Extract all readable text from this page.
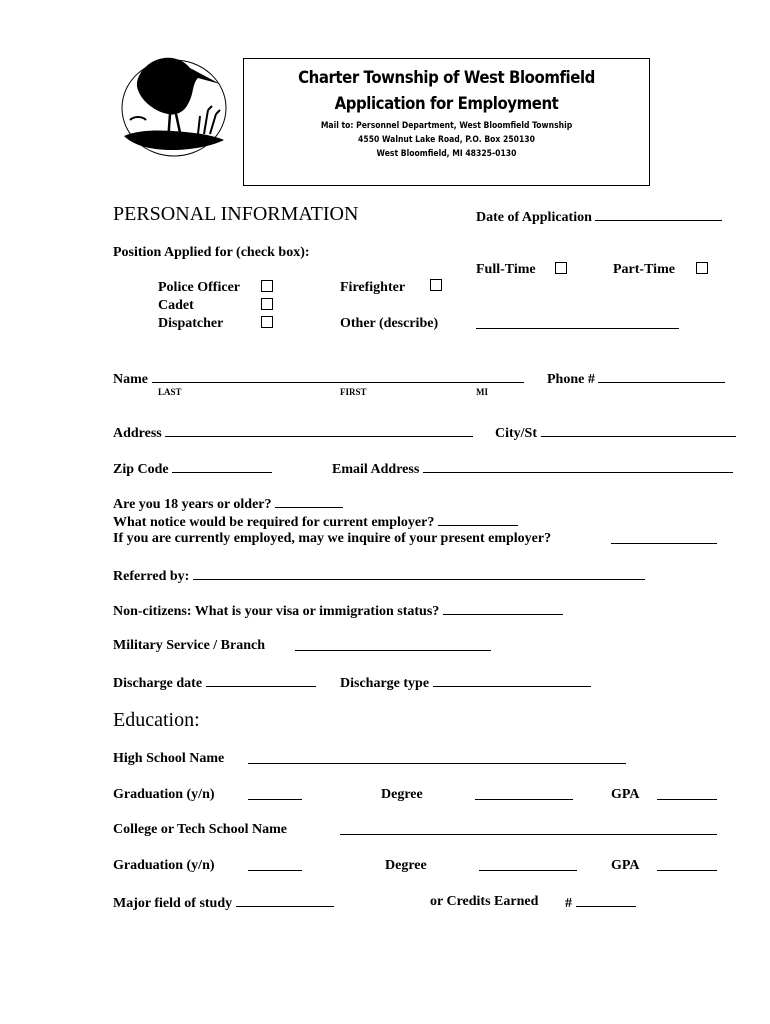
Charter Township of West Bloomfield
Application for Employment
Mail to: Personnel Department, West Bloomfield Township
4550 Walnut Lake Road, P.O. Box 250130
West Bloomfield, MI 48325-0130
PERSONAL INFORMATION	Date of Application
Position Applied for (check box):
Full-Time	Part-Time
Police Officer
Cadet
Dispatcher
Firefighter
Other (describe)
Name	Phone #
LAST	FIRST	MI
Address	City/St
Zip Code	Email Address
Are you 18 years or older?
What notice would be required for current employer?
If you are currently employed, may we inquire of your present employer?
Referred by:
Non-citizens: What is your visa or immigration status?
Military Service / Branch
Discharge date	Discharge type
Education:
High School Name
Graduation (y/n)	Degree	GPA
College or Tech School Name
Graduation (y/n)	Degree	GPA
Major field of study	or Credits Earned #
